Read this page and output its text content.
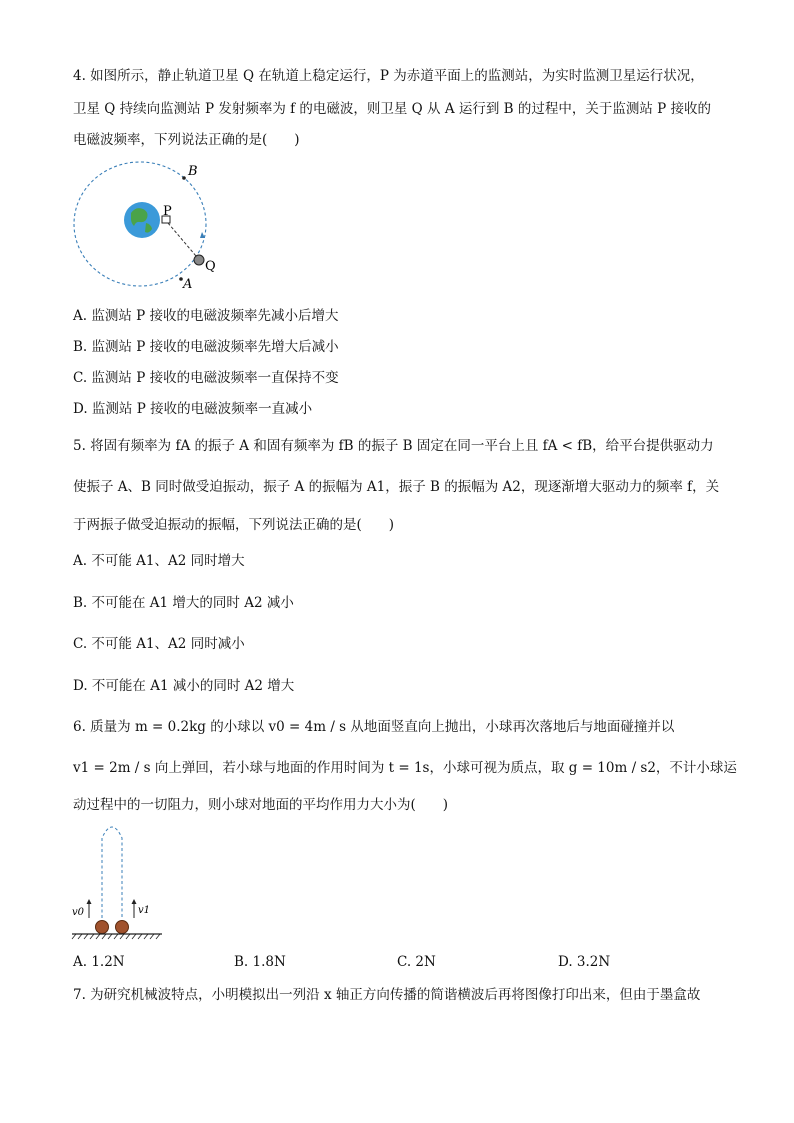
4. 如图所示，静止轨道卫星 Q 在轨道上稳定运行，P 为赤道平面上的监测站，为实时监测卫星运行状况，
卫星 Q 持续向监测站 P 发射频率为 f 的电磁波，则卫星 Q 从 A 运行到 B 的过程中，关于监测站 P 接收的
电磁波频率，下列说法正确的是(　　)
P
Q
B
A
A. 监测站 P 接收的电磁波频率先减小后增大
B. 监测站 P 接收的电磁波频率先增大后减小
C. 监测站 P 接收的电磁波频率一直保持不变
D. 监测站 P 接收的电磁波频率一直减小
5. 将固有频率为 fA 的振子 A 和固有频率为 fB 的振子 B 固定在同一平台上且 fA < fB，给平台提供驱动力
使振子 A、B 同时做受迫振动，振子 A 的振幅为 A1，振子 B 的振幅为 A2，现逐渐增大驱动力的频率 f，关
于两振子做受迫振动的振幅，下列说法正确的是(　　)
A. 不可能 A1、A2 同时增大
B. 不可能在 A1 增大的同时 A2 减小
C. 不可能 A1、A2 同时减小
D. 不可能在 A1 减小的同时 A2 增大
6. 质量为 m = 0.2kg 的小球以 v0 = 4m / s 从地面竖直向上抛出，小球再次落地后与地面碰撞并以
v1 = 2m / s 向上弹回，若小球与地面的作用时间为 t = 1s，小球可视为质点，取 g = 10m / s2，不计小球运
动过程中的一切阻力，则小球对地面的平均作用力大小为(　　)
v0	v1
A. 1.2N	B. 1.8N	C. 2N	D. 3.2N
7. 为研究机械波特点，小明模拟出一列沿 x 轴正方向传播的简谐横波后再将图像打印出来，但由于墨盒故
